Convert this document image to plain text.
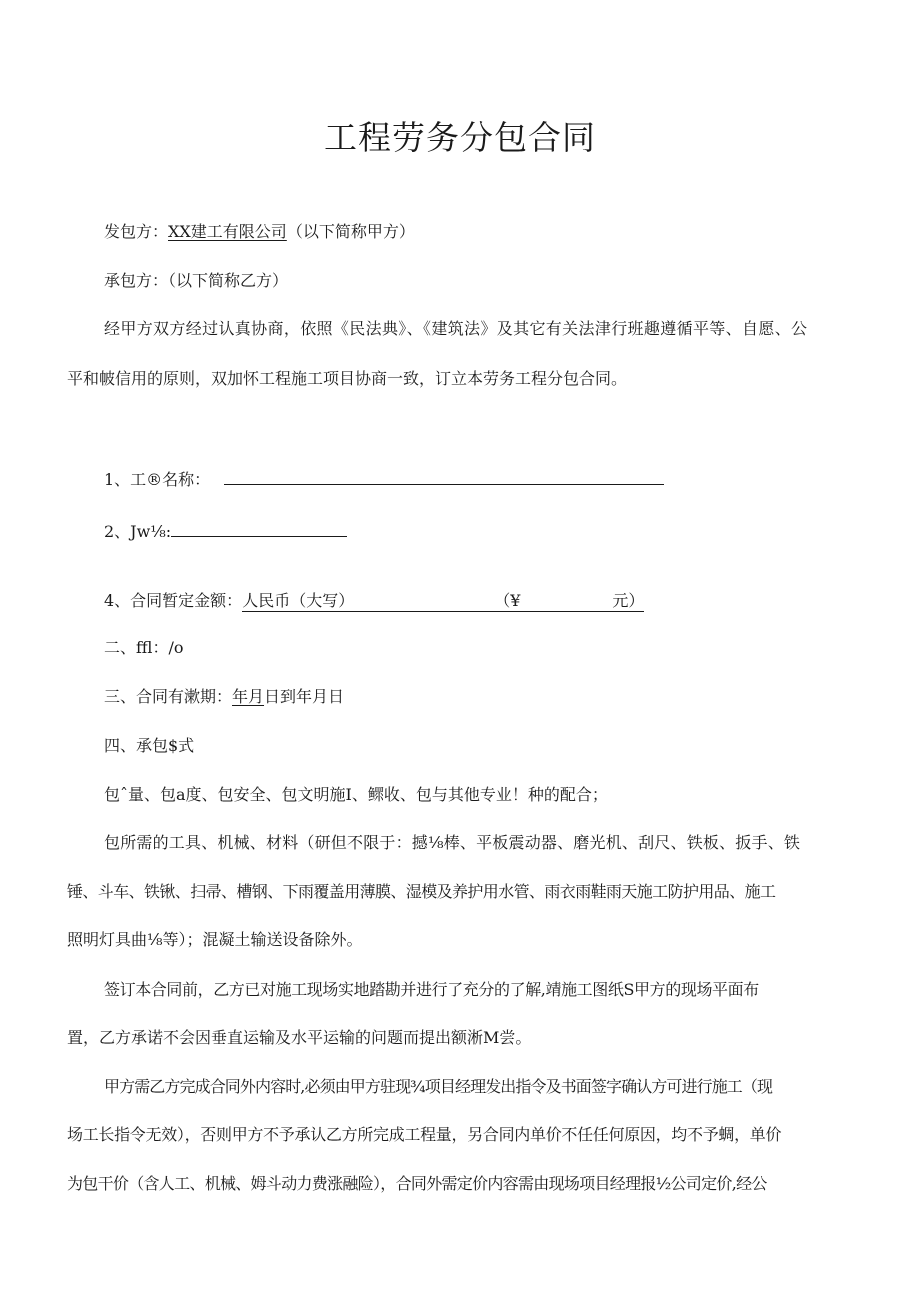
工程劳务分包合同

发包方：XX建工有限公司（以下简称甲方）

承包方：（以下简称乙方）

经甲方双方经过认真协商，依照《民法典》、《建筑法》及其它有关法津行班趣遵循平等、自愿、公

平和帔信用的原则，双加怀工程施工项目协商一致，订立本劳务工程分包合同。

1、工®名称：

2、Jw⅛:

4、合同暂定金额：人民币（大写）	（¥	元）

二、ffl：/o

三、合同有漱期：年月日到年月日

四、承包$式

包ˆ量、包a度、包安全、包文明施I、鳏收、包与其他专业！种的配合；

包所需的工具、机械、材料（研但不限于：撼⅛棒、平板震动器、磨光机、刮尺、铁板、扳手、铁

锤、斗车、铁锹、扫帚、槽钢、下雨覆盖用薄膜、湿模及养护用水管、雨衣雨鞋雨天施工防护用品、施工

照明灯具曲⅛等）；混凝土输送设备除外。

签订本合同前，乙方已对施工现场实地踏勘并进行了充分的了解,靖施工图纸S甲方的现场平面布

置，乙方承诺不会因垂直运输及水平运输的问题而提出额淅M尝。

甲方需乙方完成合同外内容时,必须由甲方驻现¾项目经理发出指令及书面签字确认方可进行施工（现

场工长指令无效），否则甲方不予承认乙方所完成工程量，另合同内单价不任任何原因，均不予蜩，单价

为包干价（含人工、机械、姆斗动力费涨融险），合同外需定价内容需由现场项目经理报½公司定价,经公
